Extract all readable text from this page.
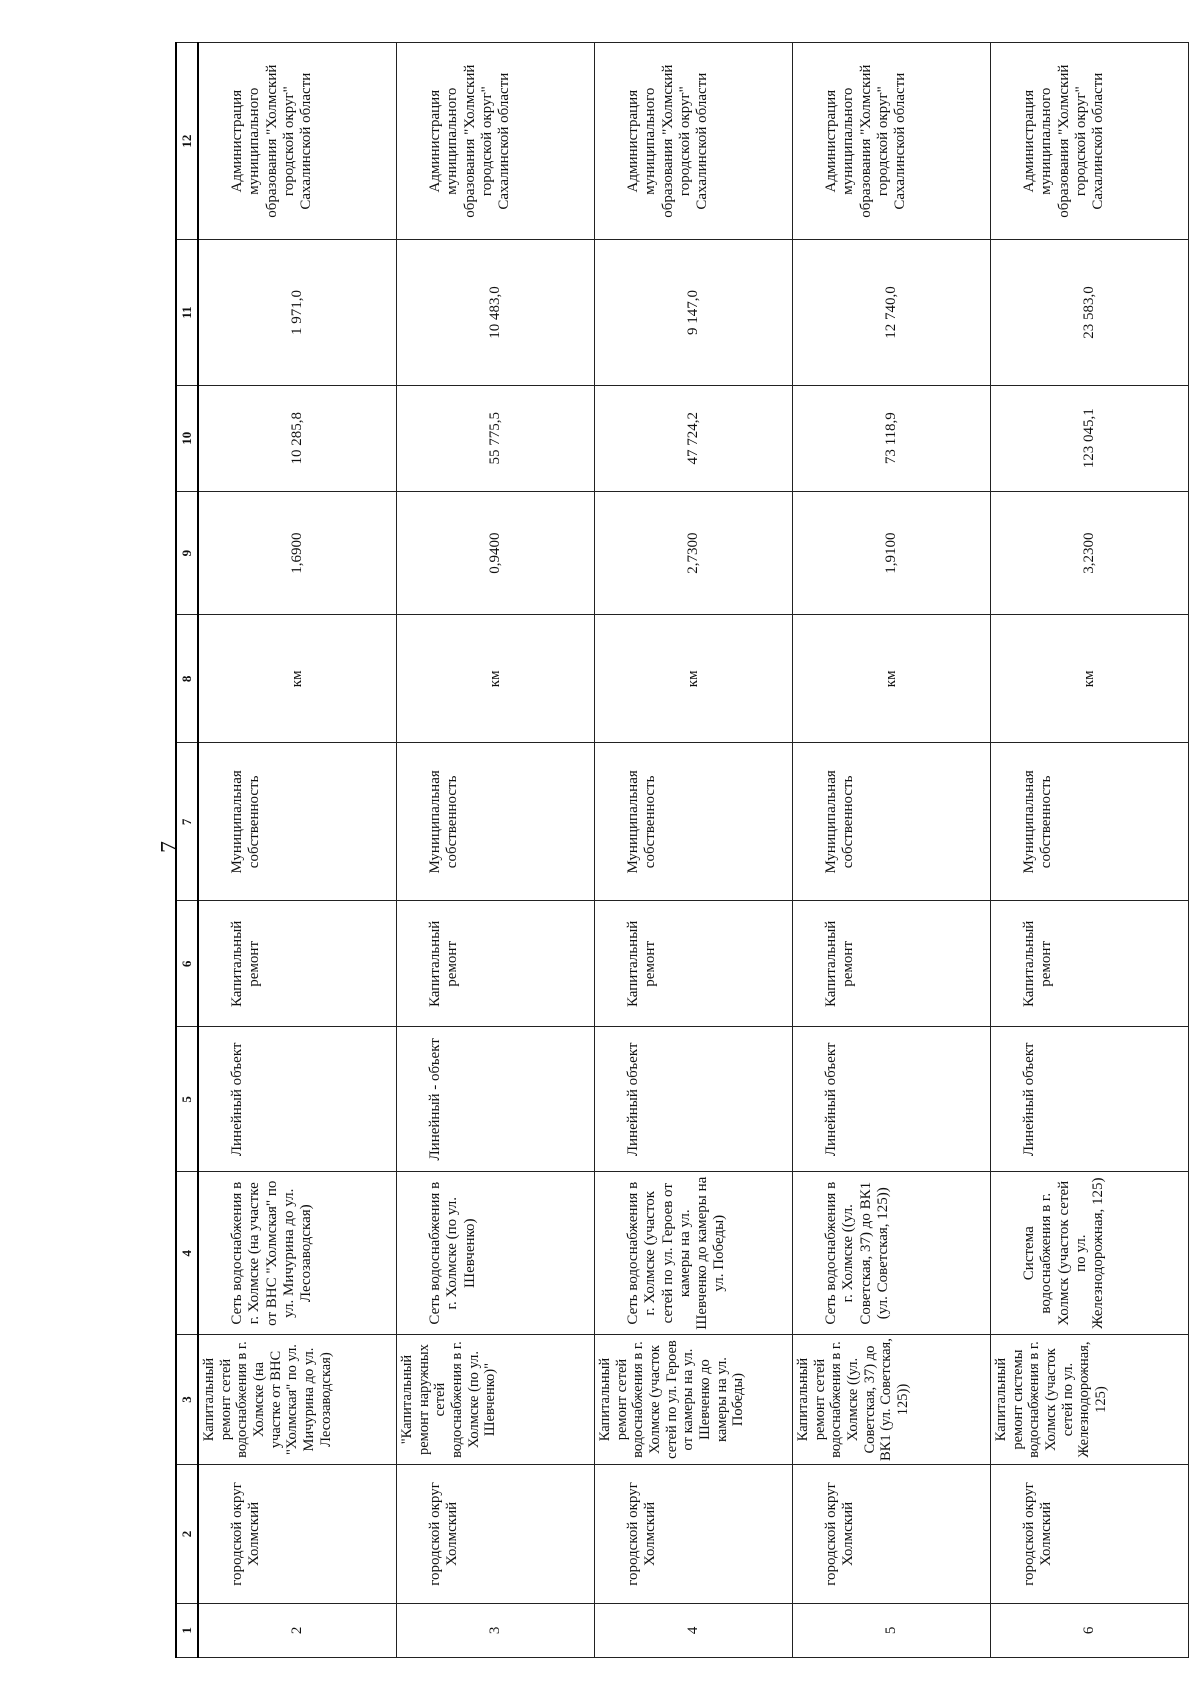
7
1	2	3	4	5	6	7	8	9	10	11	12
2	городской округ Холмский	Капитальный ремонт сетей водоснабжения в г. Холмске (на участке от ВНС "Холмская" по ул. Мичурина до ул. Лесозаводская)	Сеть водоснабжения в г. Холмске (на участке от ВНС "Холмская" по ул. Мичурина до ул. Лесозаводская)	Линейный объект	Капитальный ремонт	Муниципальная собственность	км	1,6900	10 285,8	1 971,0	Администрация муниципального образования "Холмский городской округ" Сахалинской области
3	городской округ Холмский	"Капитальный ремонт наружных сетей водоснабжения в г. Холмске (по ул. Шевченко)"	Сеть водоснабжения в г. Холмске (по ул. Шевченко)	Линейный - объект	Капитальный ремонт	Муниципальная собственность	км	0,9400	55 775,5	10 483,0	Администрация муниципального образования "Холмский городской округ" Сахалинской области
4	городской округ Холмский	Капитальный ремонт сетей водоснабжения в г. Холмске (участок сетей по ул. Героев от камеры на ул. Шевченко до камеры на ул. Победы)	Сеть водоснабжения в г. Холмске (участок сетей по ул. Героев от камеры на ул. Шевченко до камеры на ул. Победы)	Линейный объект	Капитальный ремонт	Муниципальная собственность	км	2,7300	47 724,2	9 147,0	Администрация муниципального образования "Холмский городской округ" Сахалинской области
5	городской округ Холмский	Капитальный ремонт сетей водоснабжения в г. Холмске ((ул. Советская, 37) до ВК1 (ул. Советская, 125))	Сеть водоснабжения в г. Холмске ((ул. Советская, 37) до ВК1 (ул. Советская, 125))	Линейный объект	Капитальный ремонт	Муниципальная собственность	км	1,9100	73 118,9	12 740,0	Администрация муниципального образования "Холмский городской округ" Сахалинской области
6	городской округ Холмский	Капитальный ремонт системы водоснабжения в г. Холмск (участок сетей по ул. Железнодорожная, 125)	Система водоснабжения в г. Холмск (участок сетей по ул. Железнодорожная, 125)	Линейный объект	Капитальный ремонт	Муниципальная собственность	км	3,2300	123 045,1	23 583,0	Администрация муниципального образования "Холмский городской округ" Сахалинской области
